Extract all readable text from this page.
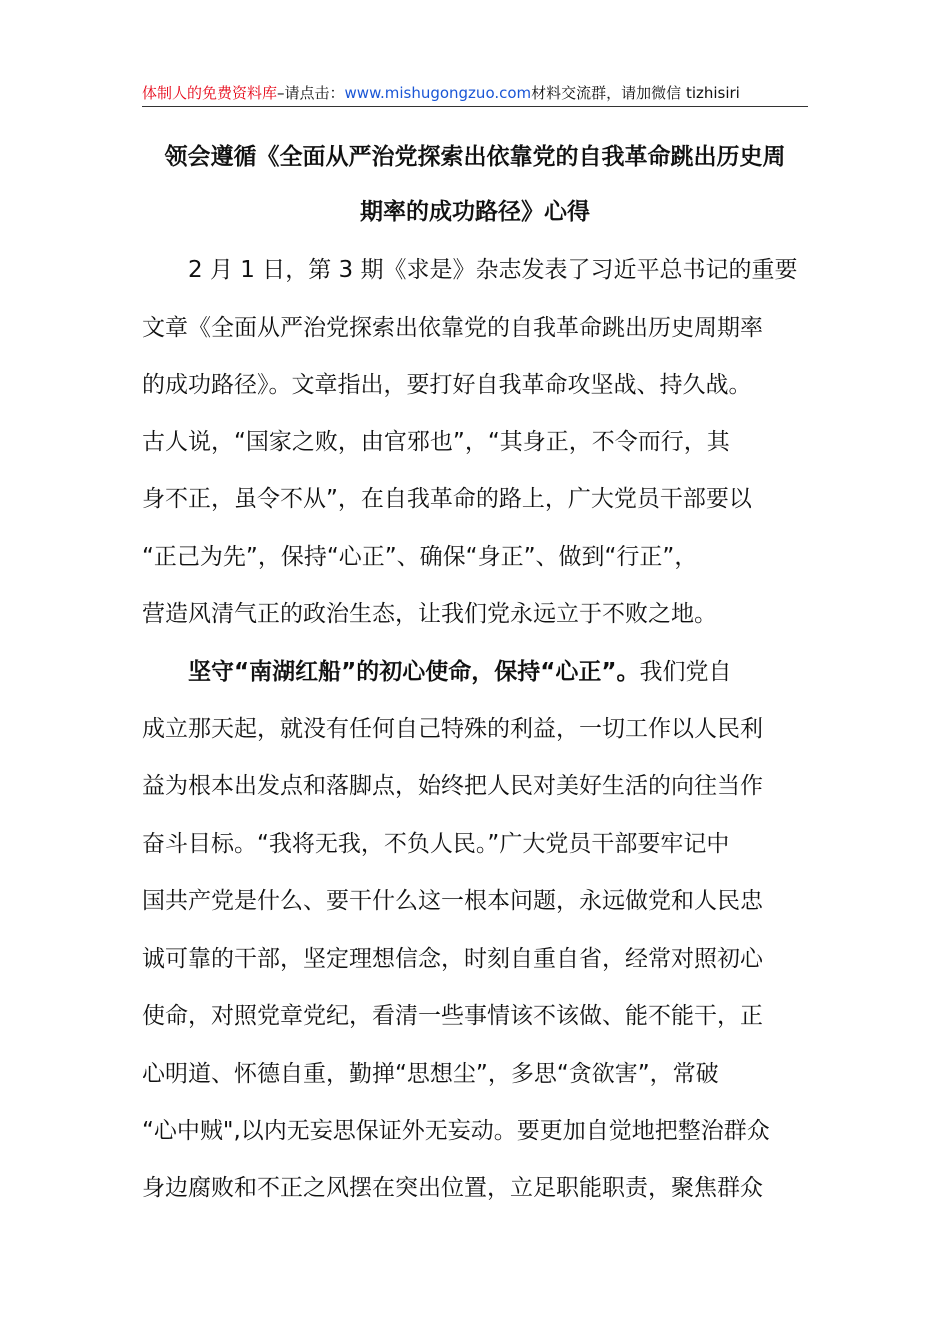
体制人的免费资料库–请点击：www.mishugongzuo.com材料交流群，请加微信 tizhisiri
领会遵循《全面从严治党探索出依靠党的自我革命跳出历史周
期率的成功路径》心得
2 月 1 日，第 3 期《求是》杂志发表了习近平总书记的重要
文章《全面从严治党探索出依靠党的自我革命跳出历史周期率
的成功路径》。文章指出，要打好自我革命攻坚战、持久战。
古人说，“国家之败，由官邪也”，“其身正，不令而行，其
身不正，虽令不从”，在自我革命的路上，广大党员干部要以
“正己为先”，保持“心正”、确保“身正”、做到“行正”，
营造风清气正的政治生态，让我们党永远立于不败之地。
坚守“南湖红船”的初心使命，保持“心正”。我们党自
成立那天起，就没有任何自己特殊的利益，一切工作以人民利
益为根本出发点和落脚点，始终把人民对美好生活的向往当作
奋斗目标。“我将无我，不负人民。”广大党员干部要牢记中
国共产党是什么、要干什么这一根本问题，永远做党和人民忠
诚可靠的干部，坚定理想信念，时刻自重自省，经常对照初心
使命，对照党章党纪，看清一些事情该不该做、能不能干，正
心明道、怀德自重，勤掸“思想尘”，多思“贪欲害”，常破
“心中贼",以内无妄思保证外无妄动。要更加自觉地把整治群众
身边腐败和不正之风摆在突出位置，立足职能职责，聚焦群众
